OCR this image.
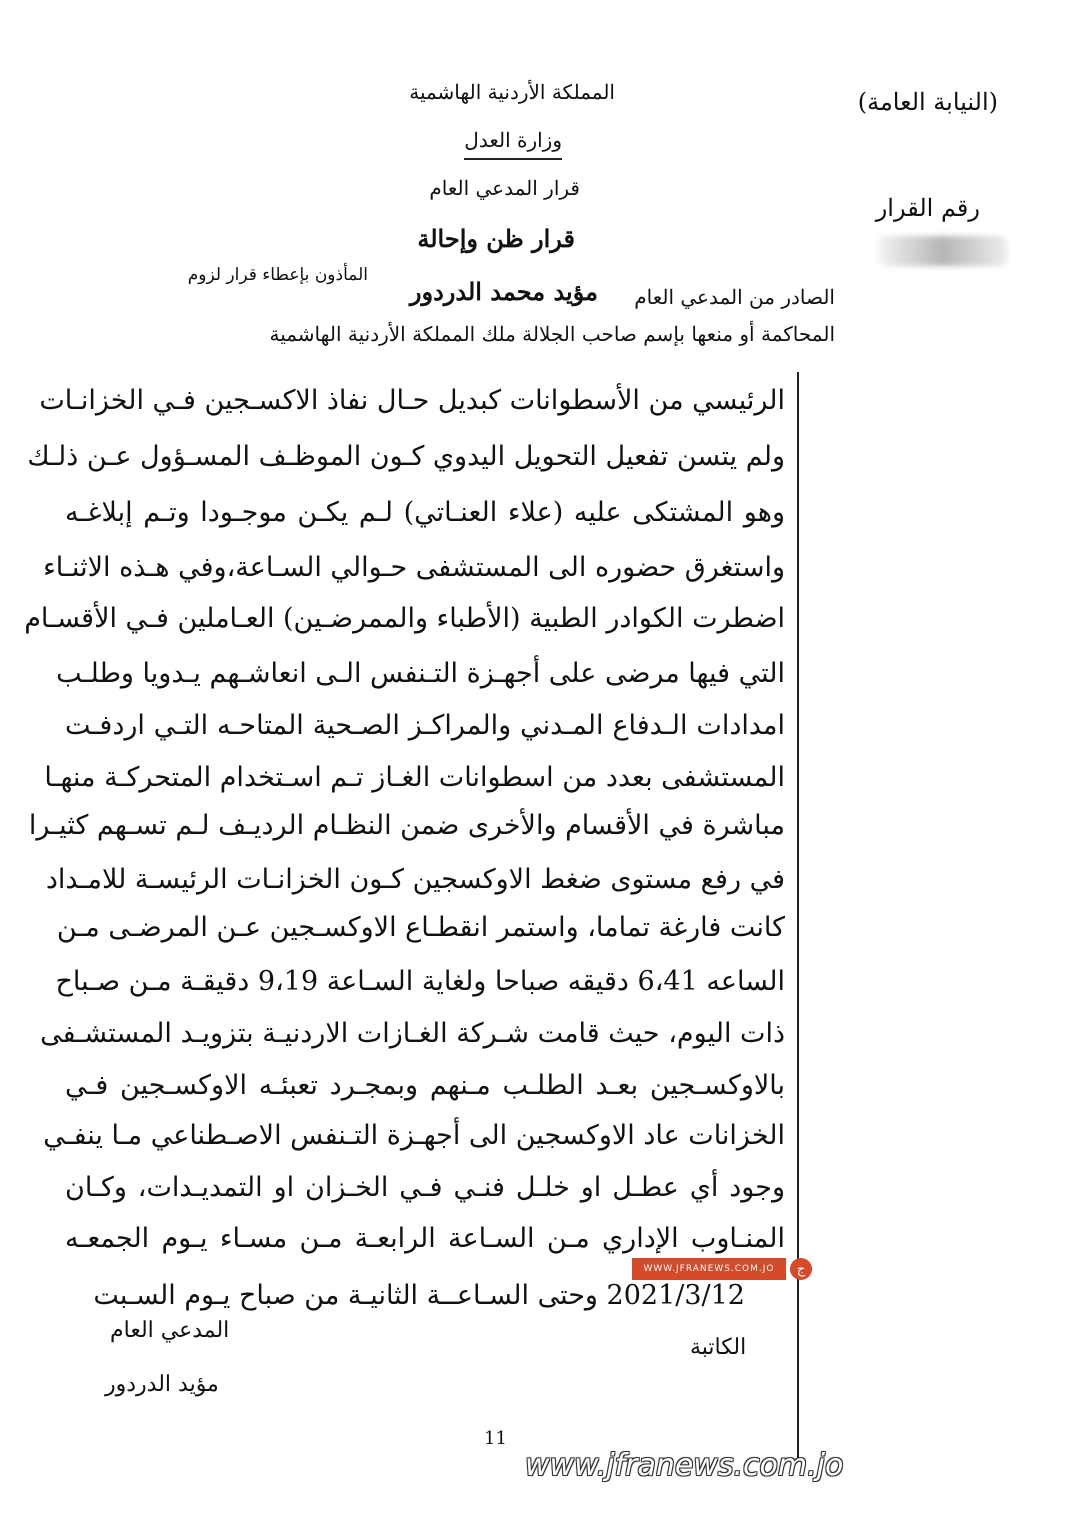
المملكة الأردنية الهاشمية
وزارة العدل
قرار المدعي العام
قرار ظن وإحالة
(النيابة العامة)
رقم القرار
الصادر من المدعي العام
مؤيد محمد الدردور
المأذون بإعطاء قرار لزوم
المحاكمة أو منعها بإسم صاحب الجلالة ملك المملكة الأردنية الهاشمية
الرئيسي من الأسطوانات كبديل حـال نفاذ الاكسـجين فـي الخزانـات
ولم يتسن تفعيل التحويل اليدوي كـون الموظـف المسـؤول عـن ذلـك
وهو المشتكى عليه (علاء العنـاتي) لـم يكـن موجـودا وتـم إبلاغـه
واستغرق حضوره الى المستشفى حـوالي السـاعة،وفي هـذه الاثنـاء
اضطرت الكوادر الطبية (الأطباء والممرضـين) العـاملين فـي الأقسـام
التي فيها مرضى على أجهـزة التـنفس الـى انعاشـهم يـدويا وطلـب
امدادات الـدفاع المـدني والمراكـز الصـحية المتاحـه التـي اردفـت
المستشفى بعدد من اسطوانات الغـاز تـم اسـتخدام المتحركـة منهـا
مباشرة في الأقسام والأخرى ضمن النظـام الرديـف لـم تسـهم كثيـرا
في رفع مستوى ضغط الاوكسجين كـون الخزانـات الرئيسـة للامـداد
كانت فارغة تماما، واستمر انقطـاع الاوكسـجين عـن المرضـى مـن
الساعه 6،41 دقيقه صباحا ولغاية السـاعة 9،19 دقيقـة مـن صـباح
ذات اليوم، حيث قامت شـركة الغـازات الاردنيـة بتزويـد المستشـفى
بالاوكسـجين بعـد الطلـب مـنهم وبمجـرد تعبئـه الاوكسـجين فـي
الخزانات عاد الاوكسجين الى أجهـزة التـنفس الاصـطناعي مـا ينفـي
وجود أي عطـل او خلـل فنـي فـي الخـزان او التمديـدات، وكـان
المنـاوب الإداري مـن السـاعة الرابعـة مـن مسـاء يـوم الجمعـه
2021/3/12 وحتى السـاعــة الثانيـة من صباح يـوم السـبت
WWW.JFRANEWS.COM.JO	ج
المدعي العام
الكاتبة
مؤيد الدردور
11
www.jfranews.com.jo
